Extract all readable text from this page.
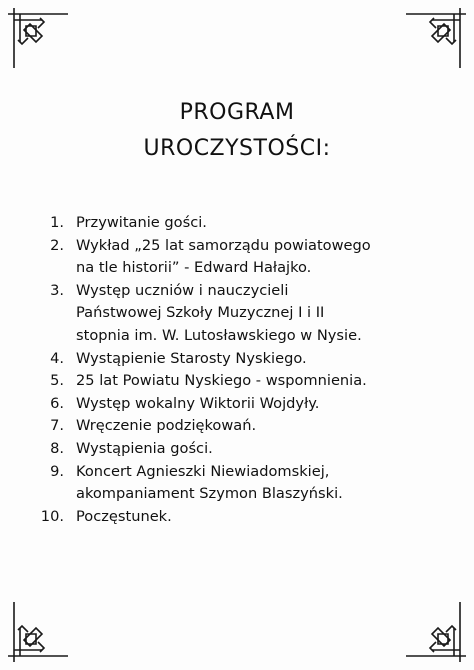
PROGRAM
UROCZYSTOŚCI:
1. Przywitanie gości.
2. Wykład „25 lat samorządu powiatowego
na tle historii” - Edward Hałajko.
3. Występ uczniów i nauczycieli
Państwowej Szkoły Muzycznej I i II
stopnia im. W. Lutosławskiego w Nysie.
4. Wystąpienie Starosty Nyskiego.
5. 25 lat Powiatu Nyskiego - wspomnienia.
6. Występ wokalny Wiktorii Wojdyły.
7. Wręczenie podziękowań.
8. Wystąpienia gości.
9. Koncert Agnieszki Niewiadomskiej,
akompaniament Szymon Blaszyński.
10. Poczęstunek.
